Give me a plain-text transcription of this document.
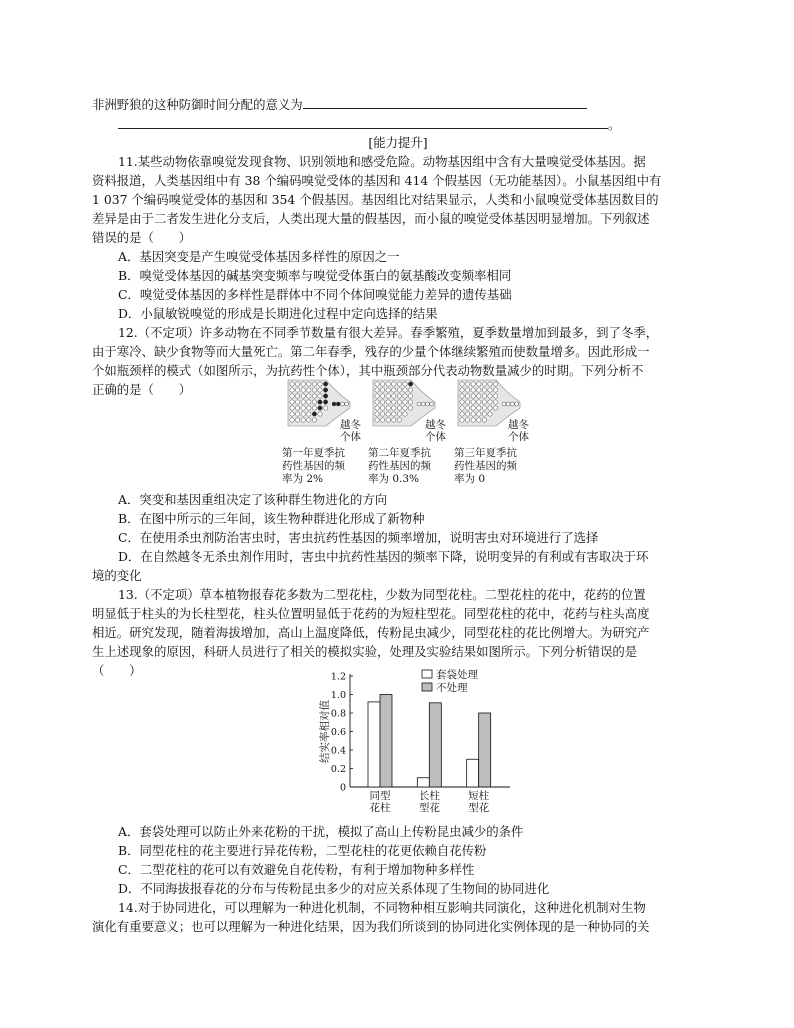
非洲野狼的这种防御时间分配的意义为
。
[能力提升]
11.某些动物依靠嗅觉发现食物、识别领地和感受危险。动物基因组中含有大量嗅觉受体基因。据
资料报道，人类基因组中有 38 个编码嗅觉受体的基因和 414 个假基因（无功能基因）。小鼠基因组中有
1 037 个编码嗅觉受体的基因和 354 个假基因。基因组比对结果显示，人类和小鼠嗅觉受体基因数目的
差异是由于二者发生进化分支后，人类出现大量的假基因，而小鼠的嗅觉受体基因明显增加。下列叙述
错误的是（　　）
A．基因突变是产生嗅觉受体基因多样性的原因之一
B．嗅觉受体基因的碱基突变频率与嗅觉受体蛋白的氨基酸改变频率相同
C．嗅觉受体基因的多样性是群体中不同个体间嗅觉能力差异的遗传基础
D．小鼠敏锐嗅觉的形成是长期进化过程中定向选择的结果
12.（不定项）许多动物在不同季节数量有很大差异。春季繁殖，夏季数量增加到最多，到了冬季，
由于寒冷、缺少食物等而大量死亡。第二年春季，残存的少量个体继续繁殖而使数量增多。因此形成一
个如瓶颈样的模式（如图所示，为抗药性个体），其中瓶颈部分代表动物数量减少的时期。下列分析不
正确的是（　　）
越冬
个体
越冬
个体
越冬
个体
第一年夏季抗
药性基因的频
率为 2%
第二年夏季抗
药性基因的频
率为 0.3%
第三年夏季抗
药性基因的频
率为 0
A．突变和基因重组决定了该种群生物进化的方向
B．在图中所示的三年间，该生物种群进化形成了新物种
C．在使用杀虫剂防治害虫时，害虫抗药性基因的频率增加，说明害虫对环境进行了选择
D．在自然越冬无杀虫剂作用时，害虫中抗药性基因的频率下降，说明变异的有利或有害取决于环
境的变化
13.（不定项）草本植物报春花多数为二型花柱，少数为同型花柱。二型花柱的花中，花药的位置
明显低于柱头的为长柱型花，柱头位置明显低于花药的为短柱型花。同型花柱的花中，花药与柱头高度
相近。研究发现，随着海拔增加，高山上温度降低，传粉昆虫减少，同型花柱的花比例增大。为研究产
生上述现象的原因，科研人员进行了相关的模拟实验，处理及实验结果如图所示。下列分析错误的是
（　　）
0
0.2
0.4
0.6
0.8
1.0
1.2
结实率相对值
同型
花柱
长柱
型花
短柱
型花
套袋处理
不处理
A．套袋处理可以防止外来花粉的干扰，模拟了高山上传粉昆虫减少的条件
B．同型花柱的花主要进行异花传粉，二型花柱的花更依赖自花传粉
C．二型花柱的花可以有效避免自花传粉，有利于增加物种多样性
D．不同海拔报春花的分布与传粉昆虫多少的对应关系体现了生物间的协同进化
14.对于协同进化，可以理解为一种进化机制，不同物种相互影响共同演化，这种进化机制对生物
演化有重要意义；也可以理解为一种进化结果，因为我们所谈到的协同进化实例体现的是一种协同的关
